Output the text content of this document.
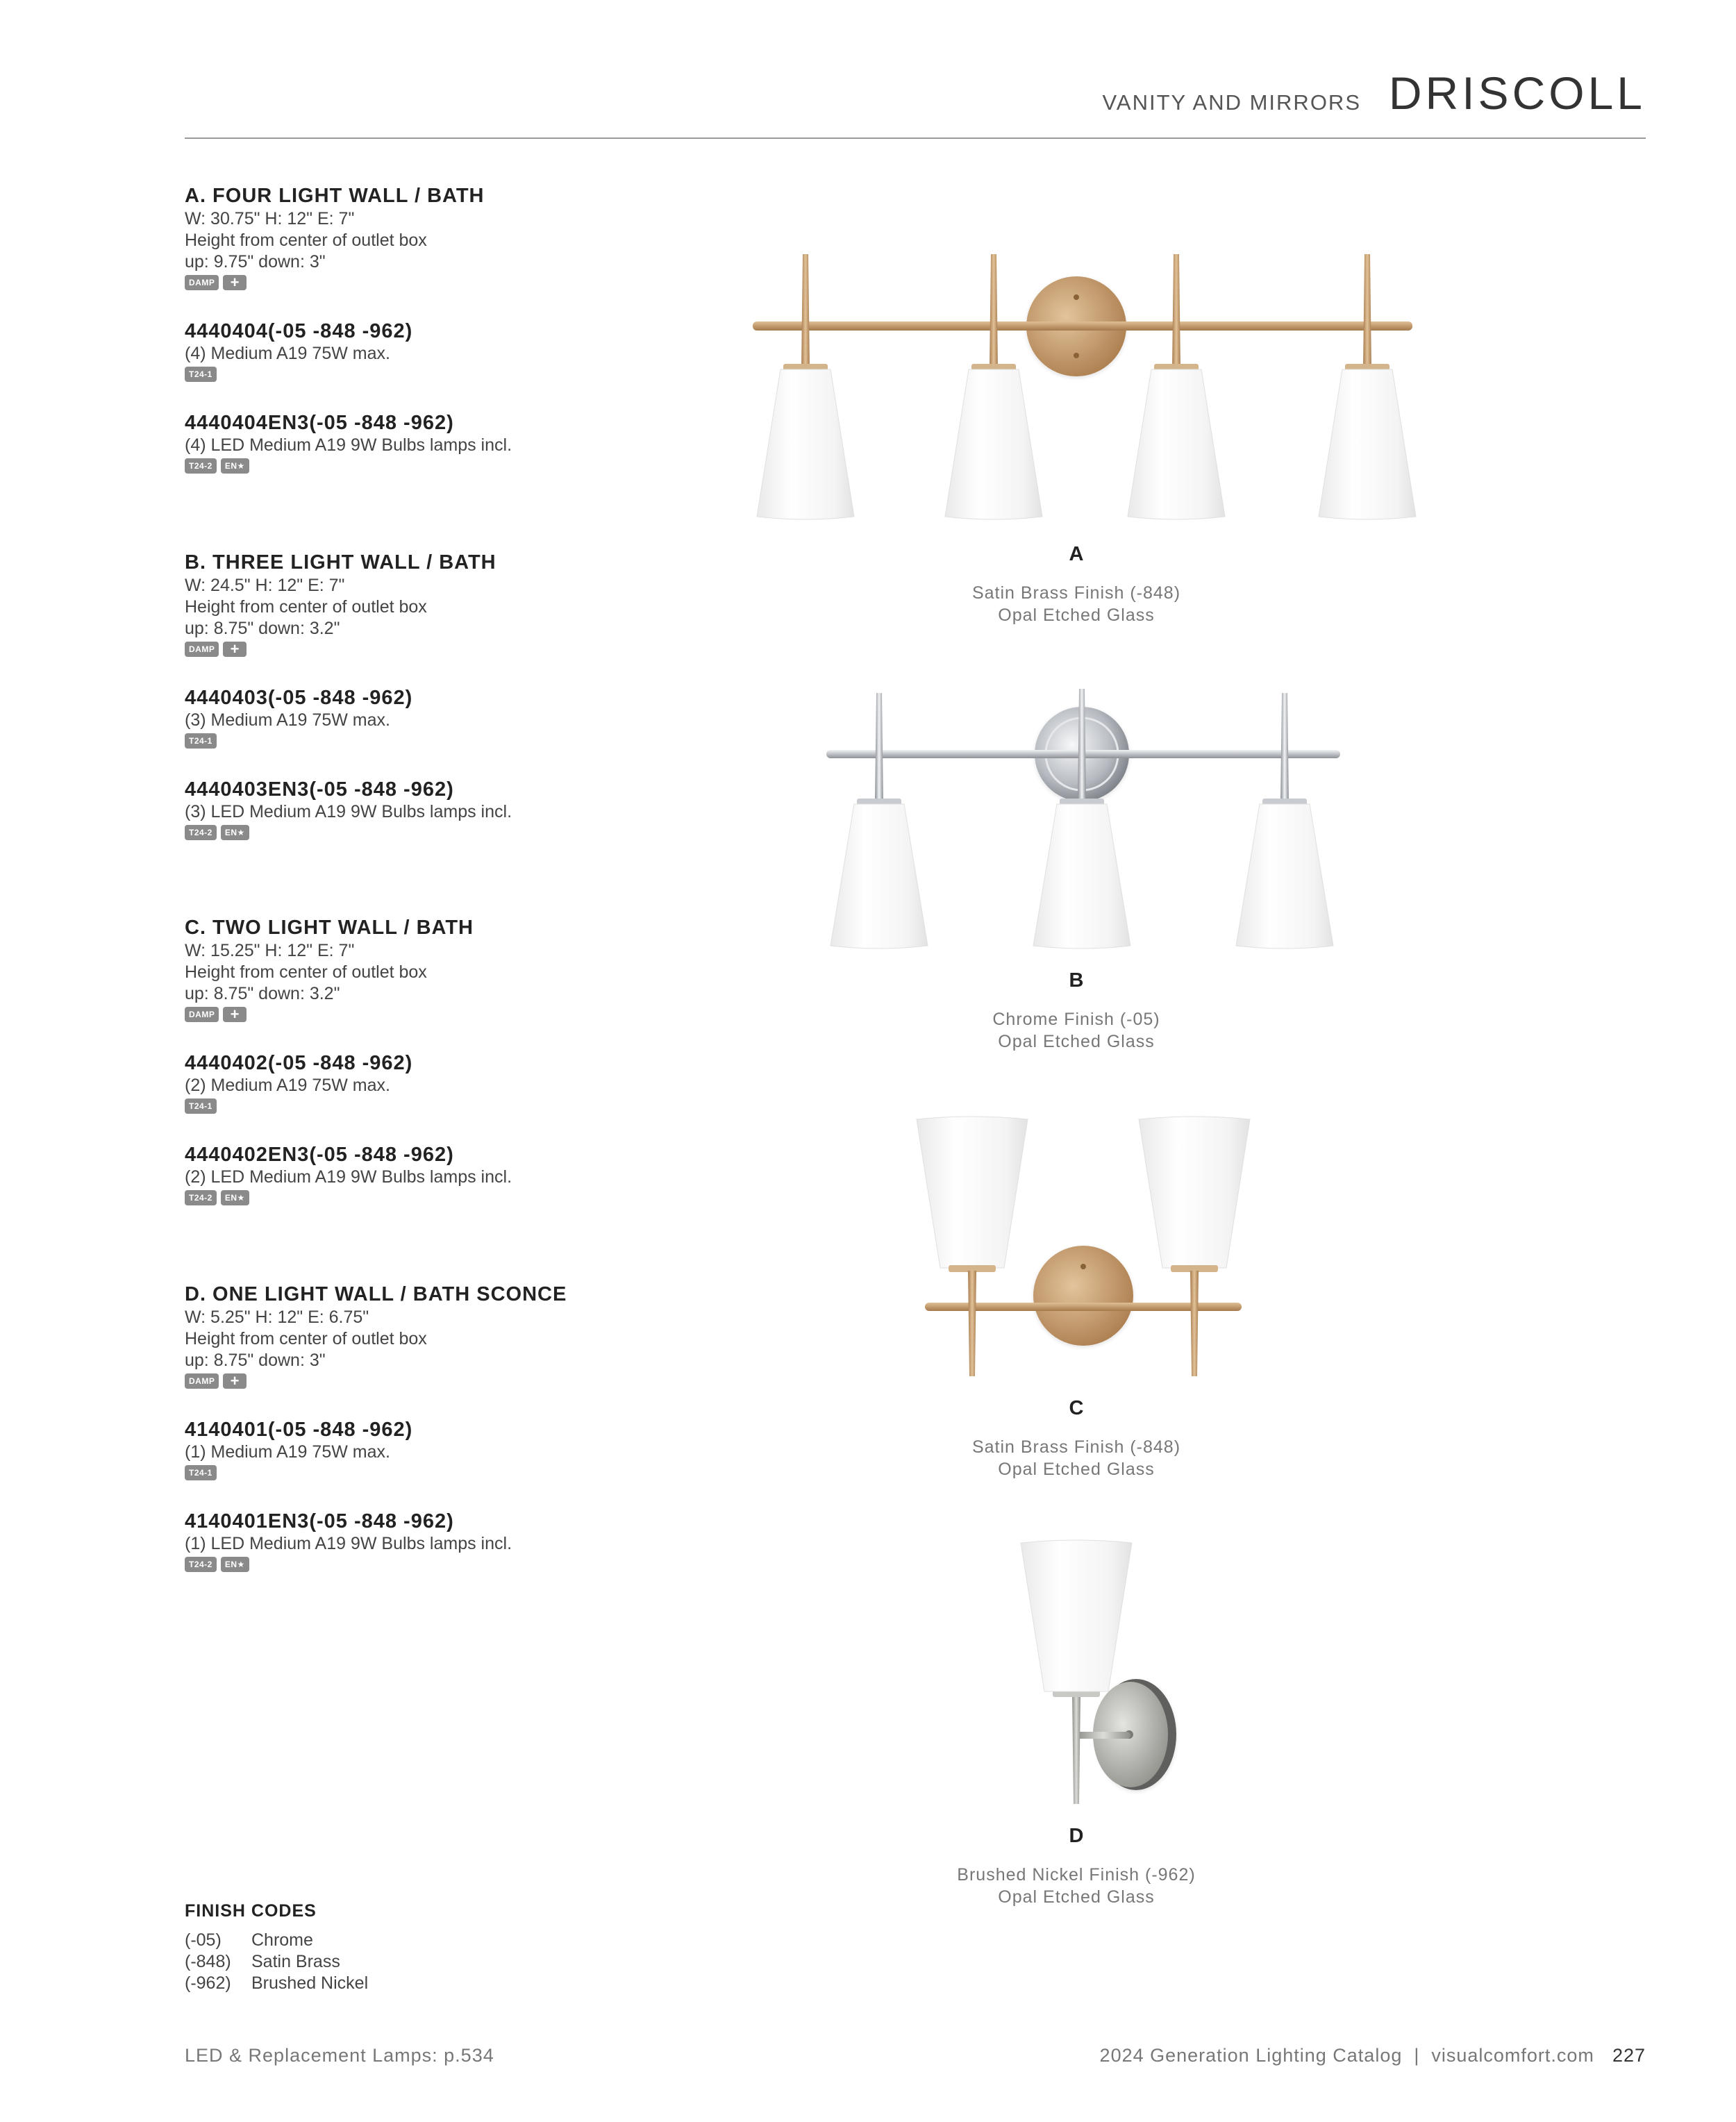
VANITY AND MIRRORS DRISCOLL
A. FOUR LIGHT WALL / BATH
W: 30.75" H: 12" E: 7"
Height from center of outlet box
up: 9.75" down: 3"
DAMP	+
4440404(-05 -848 -962)
(4) Medium A19 75W max.
T24-1
4440404EN3(-05 -848 -962)
(4) LED Medium A19 9W Bulbs lamps incl.
T24-2	EN★
B. THREE LIGHT WALL / BATH
W: 24.5" H: 12" E: 7"
Height from center of outlet box
up: 8.75" down: 3.2"
DAMP	+
4440403(-05 -848 -962)
(3) Medium A19 75W max.
T24-1
4440403EN3(-05 -848 -962)
(3) LED Medium A19 9W Bulbs lamps incl.
T24-2	EN★
C. TWO LIGHT WALL / BATH
W: 15.25" H: 12" E: 7"
Height from center of outlet box
up: 8.75" down: 3.2"
DAMP	+
4440402(-05 -848 -962)
(2) Medium A19 75W max.
T24-1
4440402EN3(-05 -848 -962)
(2) LED Medium A19 9W Bulbs lamps incl.
T24-2	EN★
D. ONE LIGHT WALL / BATH SCONCE
W: 5.25" H: 12" E: 6.75"
Height from center of outlet box
up: 8.75" down: 3"
DAMP	+
4140401(-05 -848 -962)
(1) Medium A19 75W max.
T24-1
4140401EN3(-05 -848 -962)
(1) LED Medium A19 9W Bulbs lamps incl.
T24-2	EN★
A
Satin Brass Finish (-848)
Opal Etched Glass
B
Chrome Finish (-05)
Opal Etched Glass
C
Satin Brass Finish (-848)
Opal Etched Glass
D
Brushed Nickel Finish (-962)
Opal Etched Glass
FINISH CODES
(-05)	Chrome
(-848)	Satin Brass
(-962)	Brushed Nickel
LED & Replacement Lamps: p.534	2024 Generation Lighting Catalog  |  visualcomfort.com 227
